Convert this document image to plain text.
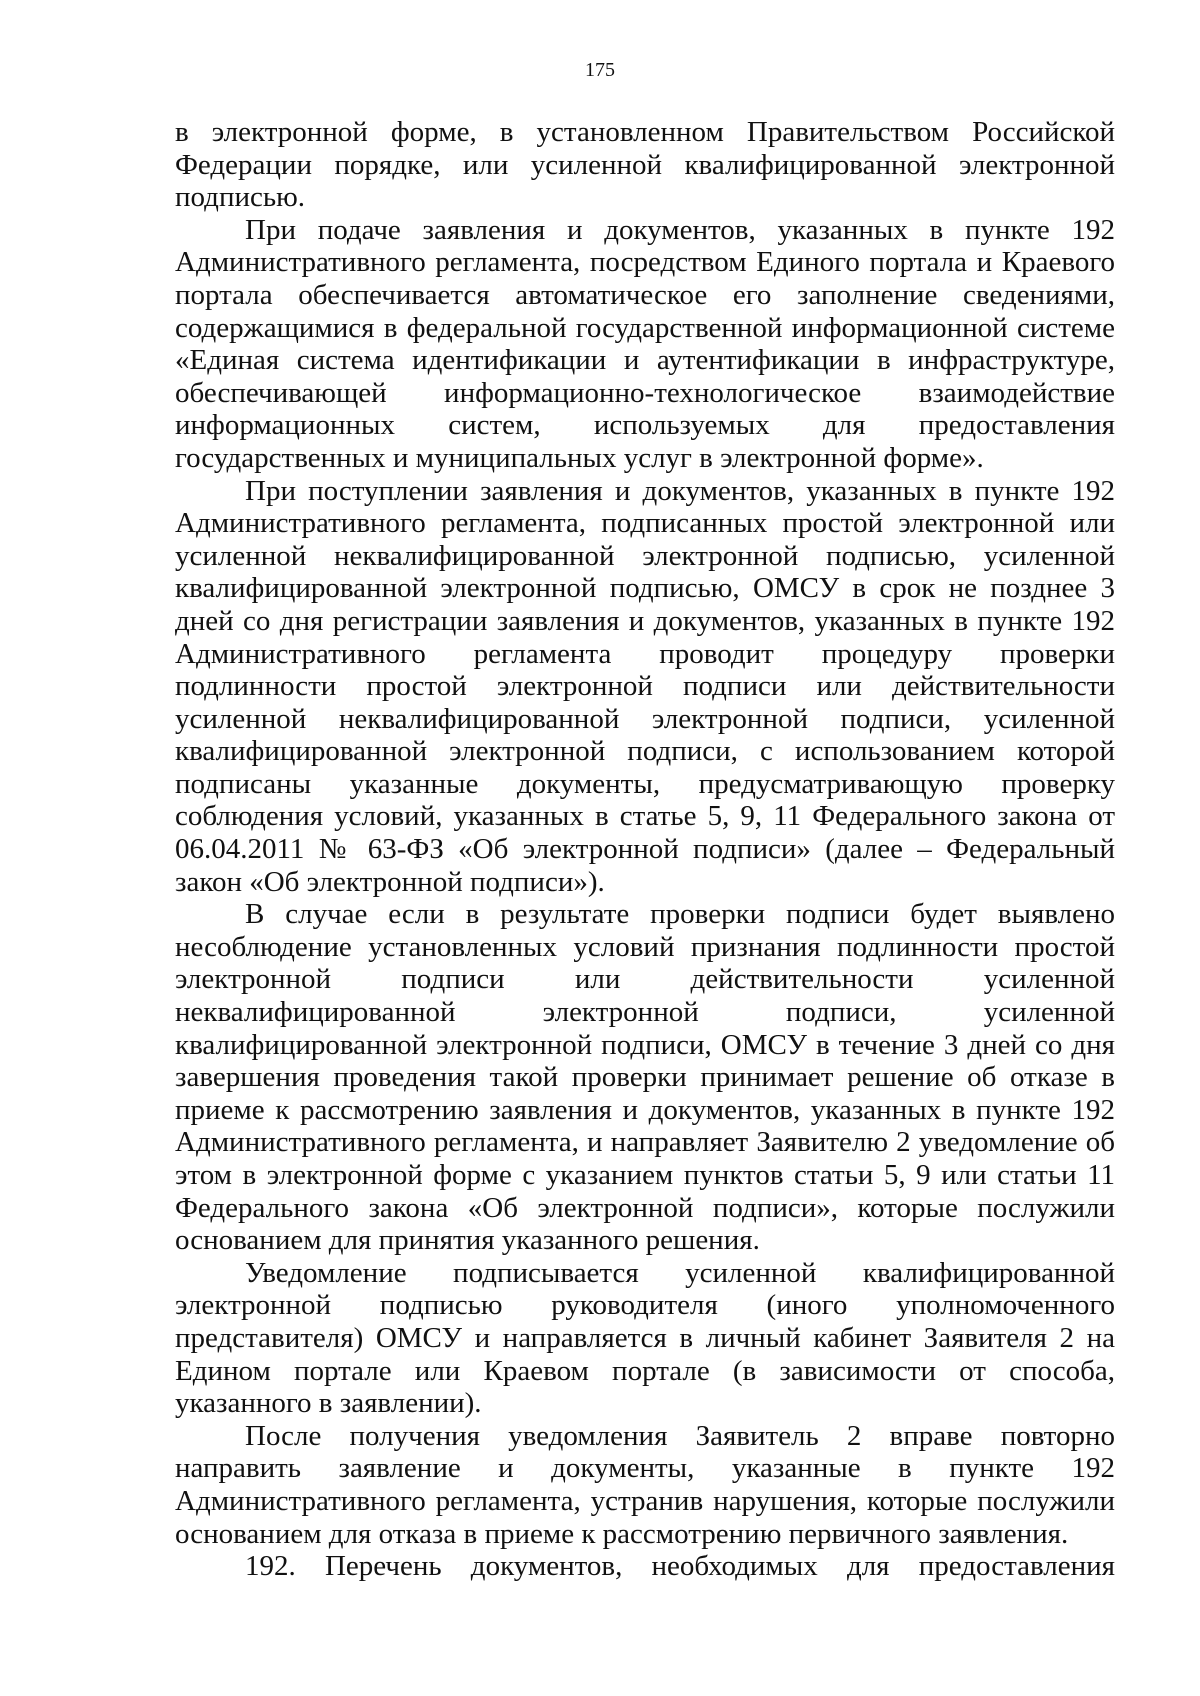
175

в электронной форме, в установленном Правительством Российской Федерации порядке, или усиленной квалифицированной электронной подписью.

При подаче заявления и документов, указанных в пункте 192 Административного регламента, посредством Единого портала и Краевого портала обеспечивается автоматическое его заполнение сведениями, содержащимися в федеральной государственной информационной системе «Единая система идентификации и аутентификации в инфраструктуре, обеспечивающей информационно-технологическое взаимодействие информационных систем, используемых для предоставления государственных и муниципальных услуг в электронной форме».

При поступлении заявления и документов, указанных в пункте 192 Административного регламента, подписанных простой электронной или усиленной неквалифицированной электронной подписью, усиленной квалифицированной электронной подписью, ОМСУ в срок не позднее 3 дней со дня регистрации заявления и документов, указанных в пункте 192 Административного регламента проводит процедуру проверки подлинности простой электронной подписи или действительности усиленной неквалифицированной электронной подписи, усиленной квалифицированной электронной подписи, с использованием которой подписаны указанные документы, предусматривающую проверку соблюдения условий, указанных в статье 5, 9, 11 Федерального закона от 06.04.2011 № 63-ФЗ «Об электронной подписи» (далее – Федеральный закон «Об электронной подписи»).

В случае если в результате проверки подписи будет выявлено несоблюдение установленных условий признания подлинности простой электронной подписи или действительности усиленной неквалифицированной электронной подписи, усиленной квалифицированной электронной подписи, ОМСУ в течение 3 дней со дня завершения проведения такой проверки принимает решение об отказе в приеме к рассмотрению заявления и документов, указанных в пункте 192 Административного регламента, и направляет Заявителю 2 уведомление об этом в электронной форме с указанием пунктов статьи 5, 9 или статьи 11 Федерального закона «Об электронной подписи», которые послужили основанием для принятия указанного решения.

Уведомление подписывается усиленной квалифицированной электронной подписью руководителя (иного уполномоченного представителя) ОМСУ и направляется в личный кабинет Заявителя 2 на Едином портале или Краевом портале (в зависимости от способа, указанного в заявлении).

После получения уведомления Заявитель 2 вправе повторно направить заявление и документы, указанные в пункте 192 Административного регламента, устранив нарушения, которые послужили основанием для отказа в приеме к рассмотрению первичного заявления.

192. Перечень документов, необходимых для предоставления
